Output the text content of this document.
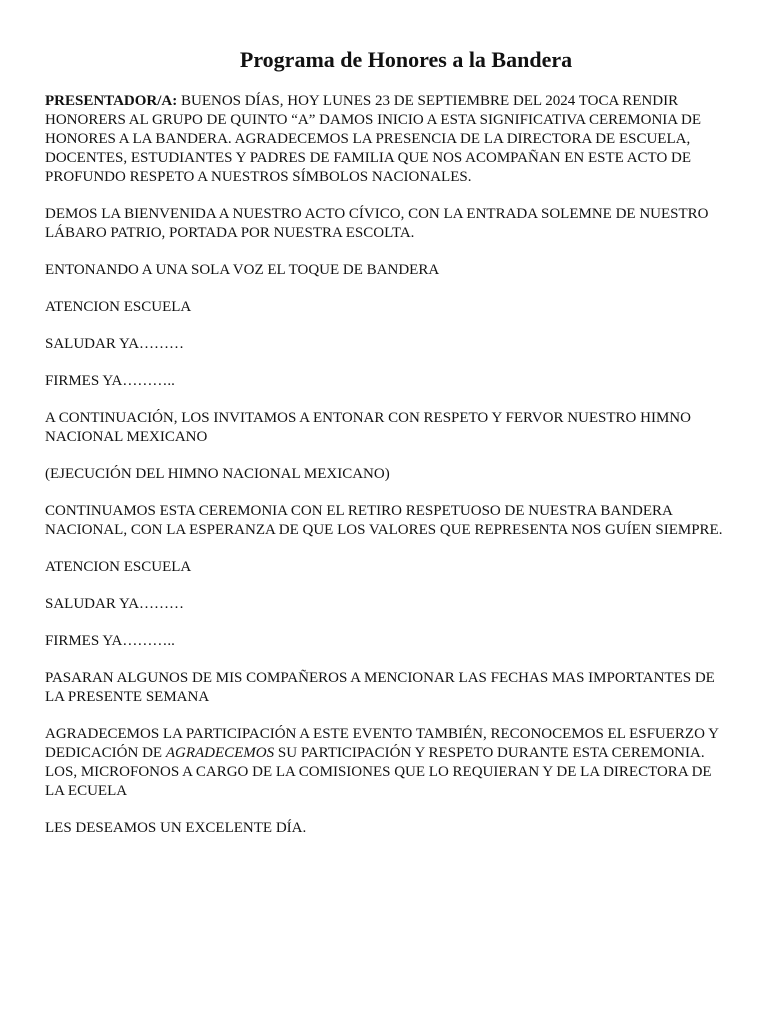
Programa de Honores a la Bandera

PRESENTADOR/A: BUENOS DÍAS, HOY LUNES 23 DE SEPTIEMBRE DEL 2024 TOCA RENDIR HONORERS AL GRUPO DE QUINTO “A” DAMOS INICIO A ESTA SIGNIFICATIVA CEREMONIA DE HONORES A LA BANDERA. AGRADECEMOS LA PRESENCIA DE LA DIRECTORA DE ESCUELA, DOCENTES, ESTUDIANTES Y PADRES DE FAMILIA QUE NOS ACOMPAÑAN EN ESTE ACTO DE PROFUNDO RESPETO A NUESTROS SÍMBOLOS NACIONALES.

DEMOS LA BIENVENIDA A NUESTRO ACTO CÍVICO, CON LA ENTRADA SOLEMNE DE NUESTRO LÁBARO PATRIO, PORTADA POR NUESTRA ESCOLTA.

ENTONANDO A UNA SOLA VOZ EL TOQUE DE BANDERA

ATENCION ESCUELA

SALUDAR YA………

FIRMES YA………..

A CONTINUACIÓN, LOS INVITAMOS A ENTONAR CON RESPETO Y FERVOR NUESTRO HIMNO NACIONAL MEXICANO

(EJECUCIÓN DEL HIMNO NACIONAL MEXICANO)

CONTINUAMOS ESTA CEREMONIA CON EL RETIRO RESPETUOSO DE NUESTRA BANDERA NACIONAL, CON LA ESPERANZA DE QUE LOS VALORES QUE REPRESENTA NOS GUÍEN SIEMPRE.

ATENCION ESCUELA

SALUDAR YA………

FIRMES YA………..

PASARAN ALGUNOS DE MIS COMPAÑEROS A MENCIONAR LAS FECHAS MAS IMPORTANTES DE LA PRESENTE SEMANA

AGRADECEMOS LA PARTICIPACIÓN A ESTE EVENTO TAMBIÉN, RECONOCEMOS EL ESFUERZO Y DEDICACIÓN DE AGRADECEMOS SU PARTICIPACIÓN Y RESPETO DURANTE ESTA CEREMONIA. LOS, MICROFONOS A CARGO DE LA COMISIONES QUE LO REQUIERAN Y DE LA DIRECTORA DE LA ECUELA

LES DESEAMOS UN EXCELENTE DÍA.
